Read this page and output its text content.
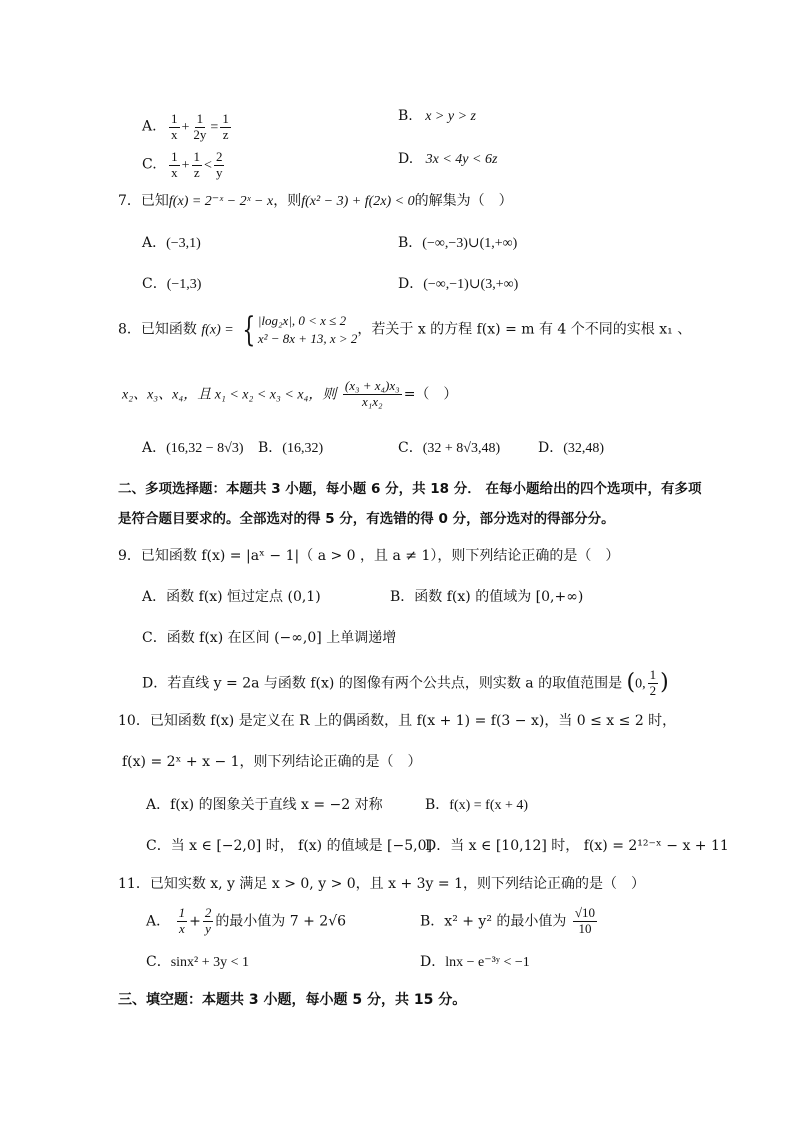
A. $\frac{1}{x} + \frac{1}{2y} = \frac{1}{z}$	B. x > y > z
C. $\frac{1}{x} + \frac{1}{z} < \frac{2}{y}$	D. 3x < 4y < 6z
7．已知f(x) = 2⁻ˣ − 2ˣ − x，则f(x² − 3) + f(2x) < 0的解集为（　）
A．(−3,1)	B．(−∞,−3)∪(1,+∞)
C．(−1,3)	D．(−∞,−1)∪(3,+∞)
8．已知函数 f(x) = { |log₂x|, 0 < x ≤ 2
x² − 8x + 13, x > 2
，若关于 x 的方程 f(x) = m 有 4 个不同的实根 x₁ 、
x₂、x₃、x₄，且 x₁ < x₂ < x₃ < x₄，则 $\frac{\text{(x₃ + x₄)x₃}}{\text{x₁x₂}}$ =（　）
A．(16,32 − 8√3) B．(16,32)	C．(32 + 8√3,48)	D．(32,48)
二、多项选择题：本题共 3 小题，每小题 6 分，共 18 分． 在每小题给出的四个选项中，有多项
是符合题目要求的。全部选对的得 5 分，有选错的得 0 分，部分选对的得部分分。
9．已知函数 f(x) = |aˣ − 1|（ a > 0 ，且 a ≠ 1），则下列结论正确的是（　）
A．函数 f(x) 恒过定点 (0,1)	B．函数 f(x) 的值域为 [0,+∞)
C．函数 f(x) 在区间 (−∞,0] 上单调递增
D．若直线 y = 2a 与函数 f(x) 的图像有两个公共点，则实数 a 的取值范围是 (0, $\frac{1}{2}$ )
10．已知函数 f(x) 是定义在 R 上的偶函数，且 f(x + 1) = f(3 − x)，当 0 ≤ x ≤ 2 时，
f(x) = 2ˣ + x − 1，则下列结论正确的是（　）
A．f(x) 的图象关于直线 x = −2 对称	B．f(x) = f(x + 4)
C．当 x ∈ [−2,0] 时， f(x) 的值域是 [−5,0]
D．当 x ∈ [10,12] 时， f(x) = 2¹²⁻ˣ − x + 11
11．已知实数 x, y 满足 x > 0, y > 0，且 x + 3y = 1，则下列结论正确的是（　）
A． $\frac{1}{x} + \frac{2}{y}$ 的最小值为 7 + 2√6	B．x² + y² 的最小值为 $\frac{√10}{10}$
C．sinx² + 3y < 1	D．lnx − e⁻³ʸ < −1
三、填空题：本题共 3 小题，每小题 5 分，共 15 分。
